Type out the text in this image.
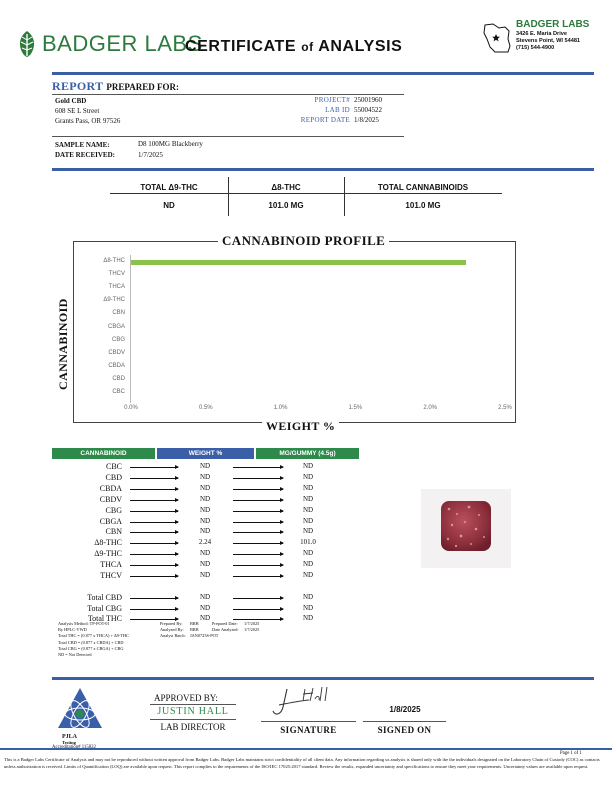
BADGER LABS
CERTIFICATE of ANALYSIS
BADGER LABS
3426 E. Maria Drive
Stevens Point, WI 54481
(715) 544-4900
REPORT PREPARED FOR:
Gold CBD
608 SE L Street
Grants Pass, OR 97526
PROJECT# 25001960
LAB ID 55004522
REPORT DATE 1/8/2025
SAMPLE NAME:	D8 100MG Blackberry
DATE RECEIVED:	1/7/2025
TOTAL Δ9-THC	Δ8-THC	TOTAL CANNABINOIDS
ND	101.0 MG	101.0 MG
CANNABINOID PROFILE
WEIGHT %
CANNABINOID
Δ8-THC
THCV
THCA
Δ9-THC
CBN
CBGA
CBG
CBDV
CBDA
CBD
CBC
0.0%	0.5%	1.0%	1.5%	2.0%	2.5%
CANNABINOID	WEIGHT %	MG/GUMMY (4.5g)
CBC	ND	ND
CBD	ND	ND
CBDA	ND	ND
CBDV	ND	ND
CBG	ND	ND
CBGA	ND	ND
CBN	ND	ND
Δ8-THC	2.24	101.0
Δ9-THC	ND	ND
THCA	ND	ND
THCV	ND	ND
Total CBD	ND	ND
Total CBG	ND	ND
Total THC	ND	ND
Analysis Method: TP-POT-01
By HPLC-VWD
Total THC = (0.877 x THCA) + Δ9-THC
Total CBD = (0.877 x CBDA) + CBD
Total CBG = (0.877 x CBGA) + CBG
ND = Not Detected
Prepared By: BRB	Prepared Date: 1/7/2025
Analyzed By: BRB	Date Analyzed: 1/7/2025
Analyst Batch: JAN0725S-POT
PJLA
Testing
APPROVED BY:
JUSTIN HALL
LAB DIRECTOR	SIGNATURE
1/8/2025
SIGNED ON
Page 1 of 1
This is a Badger Labs Certificate of Analysis and may not be reproduced without written approval from Badger Labs. Badger Labs maintains strict confidentiality of all client data. Any information regarding us analysis is shared only with the the individuals designated on the Laboratory Chain of Custody (COC) as contacts unless authorization is received. Limits of Quantification (LOQ) are available upon request. This report complies to the requirements of the ISO/IEC 17025:2017 standard. Review the results, expanded uncertainty and specifications to ensure they meet your requirements. Uncertainty values are available upon request.
